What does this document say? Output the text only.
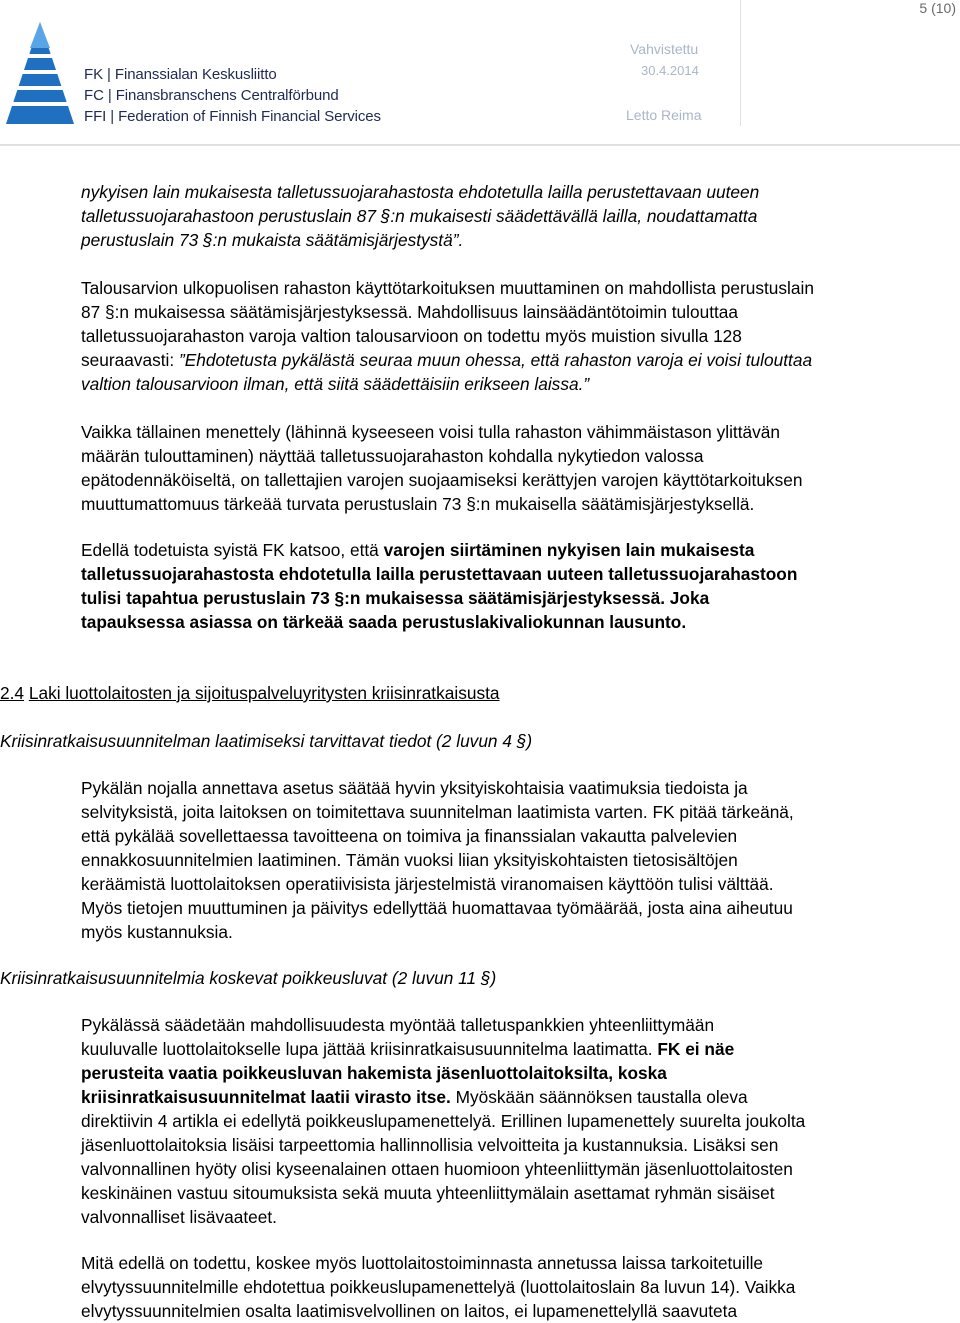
5 (10)
FK | Finanssialan Keskusliitto
FC | Finansbranschens Centralförbund
FFI | Federation of Finnish Financial Services
Vahvistettu
30.4.2014
Letto Reima
nykyisen lain mukaisesta talletussuojarahastosta ehdotetulla lailla perustettavaan uuteen
talletussuojarahastoon perustuslain 87 §:n mukaisesti säädettävällä lailla, noudattamatta
perustuslain 73 §:n mukaista säätämisjärjestystä”.
Talousarvion ulkopuolisen rahaston käyttötarkoituksen muuttaminen on mahdollista perustuslain
87 §:n mukaisessa säätämisjärjestyksessä. Mahdollisuus lainsäädäntötoimin tulouttaa
talletussuojarahaston varoja valtion talousarvioon on todettu myös muistion sivulla 128
seuraavasti: ”Ehdotetusta pykälästä seuraa muun ohessa, että rahaston varoja ei voisi tulouttaa
valtion talousarvioon ilman, että siitä säädettäisiin erikseen laissa.”
Vaikka tällainen menettely (lähinnä kyseeseen voisi tulla rahaston vähimmäistason ylittävän
määrän tulouttaminen) näyttää talletussuojarahaston kohdalla nykytiedon valossa
epätodennäköiseltä, on tallettajien varojen suojaamiseksi kerättyjen varojen käyttötarkoituksen
muuttumattomuus tärkeää turvata perustuslain 73 §:n mukaisella säätämisjärjestyksellä.
Edellä todetuista syistä FK katsoo, että varojen siirtäminen nykyisen lain mukaisesta
talletussuojarahastosta ehdotetulla lailla perustettavaan uuteen talletussuojarahastoon
tulisi tapahtua perustuslain 73 §:n mukaisessa säätämisjärjestyksessä. Joka
tapauksessa asiassa on tärkeää saada perustuslakivaliokunnan lausunto.
2.4 Laki luottolaitosten ja sijoituspalveluyritysten kriisinratkaisusta
Kriisinratkaisusuunnitelman laatimiseksi tarvittavat tiedot (2 luvun 4 §)
Pykälän nojalla annettava asetus säätää hyvin yksityiskohtaisia vaatimuksia tiedoista ja
selvityksistä, joita laitoksen on toimitettava suunnitelman laatimista varten. FK pitää tärkeänä,
että pykälää sovellettaessa tavoitteena on toimiva ja finanssialan vakautta palvelevien
ennakkosuunnitelmien laatiminen. Tämän vuoksi liian yksityiskohtaisten tietosisältöjen
keräämistä luottolaitoksen operatiivisista järjestelmistä viranomaisen käyttöön tulisi välttää.
Myös tietojen muuttuminen ja päivitys edellyttää huomattavaa työmäärää, josta aina aiheutuu
myös kustannuksia.
Kriisinratkaisusuunnitelmia koskevat poikkeusluvat (2 luvun 11 §)
Pykälässä säädetään mahdollisuudesta myöntää talletuspankkien yhteenliittymään
kuuluvalle luottolaitokselle lupa jättää kriisinratkaisusuunnitelma laatimatta. FK ei näe
perusteita vaatia poikkeusluvan hakemista jäsenluottolaitoksilta, koska
kriisinratkaisusuunnitelmat laatii virasto itse. Myöskään säännöksen taustalla oleva
direktiivin 4 artikla ei edellytä poikkeuslupamenettelyä. Erillinen lupamenettely suurelta joukolta
jäsenluottolaitoksia lisäisi tarpeettomia hallinnollisia velvoitteita ja kustannuksia. Lisäksi sen
valvonnallinen hyöty olisi kyseenalainen ottaen huomioon yhteenliittymän jäsenluottolaitosten
keskinäinen vastuu sitoumuksista sekä muuta yhteenliittymälain asettamat ryhmän sisäiset
valvonnalliset lisävaateet.
Mitä edellä on todettu, koskee myös luottolaitostoiminnasta annetussa laissa tarkoitetuille
elvytyssuunnitelmille ehdotettua poikkeuslupamenettelyä (luottolaitoslain 8a luvun 14). Vaikka
elvytyssuunnitelmien osalta laatimisvelvollinen on laitos, ei lupamenettelyllä saavuteta
